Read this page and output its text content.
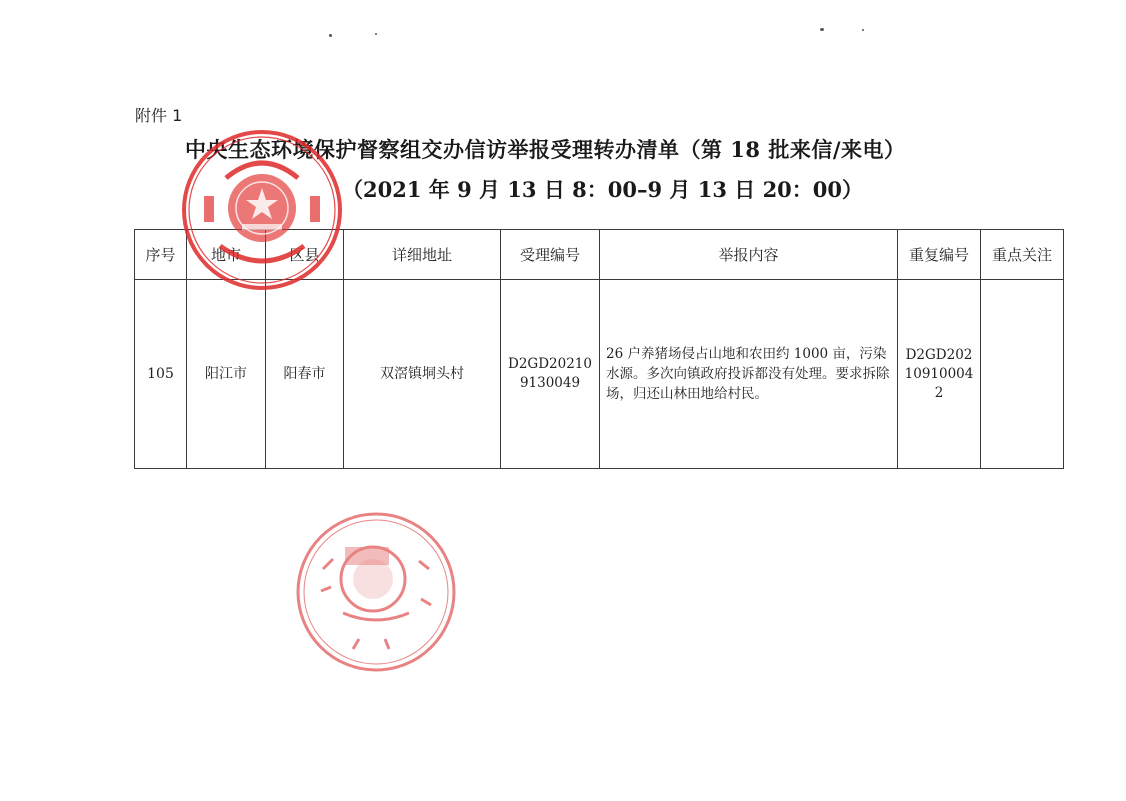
附件 1
中央生态环境保护督察组交办信访举报受理转办清单（第 18 批来信/来电）
（2021 年 9 月 13 日 8：00–9 月 13 日 20：00）
序号	地市	区县	详细地址	受理编号	举报内容	重复编号	重点关注
105	阳江市	阳春市	双滘镇垌头村	D2GD202109130049	26 户养猪场侵占山地和农田约 1000 亩，污染水源。多次向镇政府投诉都没有处理。要求拆除场，归还山林田地给村民。	D2GD202109100042	
